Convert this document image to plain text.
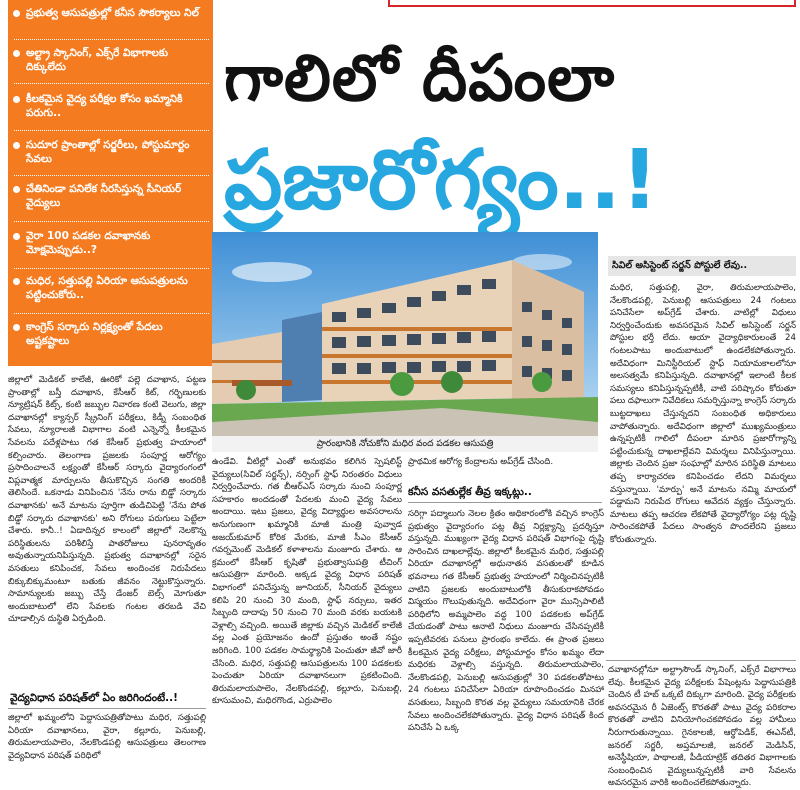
ప్రభుత్వ ఆసుపత్రుల్లో కనీస సౌకర్యాలు నిల్
అల్ట్రా స్కానింగ్, ఎక్స్‌రే విభాగాలకు దిక్కులేదు
కీలకమైన వైద్య పరీక్షల కోసం ఖమ్మానికి పరుగు..
సుదూర ప్రాంతాల్లో సర్జరీలు, పోస్టుమార్టం సేవలు
చేతినిండా పనిలేక నీరసిస్తున్న సీనియర్ వైద్యులు
వైరా 100 పడకల దవాఖానకు మోక్షమెప్పుడు..?
మధిర, సత్తుపల్లి ఏరియా ఆసుపత్రులను పట్టించుకోరు..
కాంగ్రెస్ సర్కారు నిర్లక్ష్యంతో పేదలు అష్టకష్టాలు
గాలిలో దీపంలా
ప్రజారోగ్యం..!
ప్రారంభానికి నోచుకోని మధిర వంద పడకల ఆసుపత్రి
సివిల్ అసిస్టెంట్ సర్జన్ పోస్టులే లేవు..
మధిర, సత్తుపల్లి, వైరా, తిరుమలాయపాలెం, నేలకొండపల్లి, పెనుబల్లి ఆసుపత్రులు 24 గంటలు పనిచేసేలా అప్‌గ్రేడ్ చేశారు. వాటిల్లో విధులు నిర్వర్తించేందుకు అవసరమైన సివిల్ అసిస్టెంట్ సర్జన్ పోస్టుల భర్తీ లేదు. ఆయా వైద్యాధికారులంతే 24 గంటలపాటు అందుబాటులో ఉండలేకపోతున్నారు. అదేవిధంగా మినిస్టీరియల్ స్టాఫ్ నియామకాలలోనూ అలసత్వమే కనిపిస్తున్నది. దవాఖానల్లో ఇలాంటి కీలక సమస్యలు కనిపిస్తున్నప్పటికీ, వాటి పరిష్కారం కోరుతూ పలు దఫాలుగా నివేదికలు సమర్పిస్తున్నా కాంగ్రెస్ సర్కారు బుట్టదాఖలు చేస్తున్నదని సంబంధిత అధికారులు వాపోతున్నారు. అదేవిధంగా జిల్లాలో ముఖ్యమంత్రులు ఉన్నప్పటికీ గాలిలో దీపంలా మారిన ప్రజారోగ్యాన్ని పట్టించుకున్న దాఖలాల్లేవని విమర్శలు వినిపిస్తున్నాయి. జిల్లాకు చెందిన ప్రజా సంఘాల్లో మారిన పరిస్థితి మాటలు తప్ప కార్యాచరణ కనిపించడం లేదని విమర్శలు వస్తున్నాయి. 'మార్పు' అనే మాటను నమ్మి మాయలో పడ్డామని నిరుపేద రోగులు ఆవేదన వ్యక్తం చేస్తున్నారు. మాటలు తప్ప ఆచరణ లేకపోతే వైద్యారోగ్యం పట్ల దృష్టి సారించకపోతే పేదలు సాంత్వన పొందలేరని ప్రజలు కోరుతున్నారు.
దవాఖానల్లోనూ అల్ట్రాసౌండ్ స్కానింగ్, ఎక్స్‌రే విభాగాలు లేవు. కీలకమైన వైద్య పరీక్షలకు పేషెంట్లను పెద్దాసుపత్రికి చెందిన టీ హబ్ ఒక్కటే దిక్కుగా మారింది. వైద్య పరీక్షలకు అవసరమైన రీ ఏజెంట్స్ కొరతతో పాటు వైద్య పరికరాల కొరతతో వాటిని వినియోగించకపోవడం వల్ల హామీలు నీరుగారుతున్నాయి. గైనకాలజీ, ఆర్థోపెడిక్, ఈఎన్‌టీ, జనరల్ సర్జరీ, అప్తమాలజీ, జనరల్ మెడిసిన్, అనెస్థీషియా, పాథాలజీ, పీడియాట్రిక్ తదితర విభాగాలకు సంబంధించిన వైద్యులున్నప్పటికీ వారి సేవలను అవసరమైన వారికి అందించలేకపోతున్నారు.
జిల్లాలో మెడికల్ కాలేజీ, ఊరికో పల్లె దవాఖాన, పట్టణ ప్రాంతాల్లో బస్తీ దవాఖాన, కేసీఆర్ కిట్, గర్భిణులకు న్యూట్రిషన్ కిట్స్, కంటి జబ్బుల నివారణ కంటి వెలుగు, జిల్లా దవాఖానల్లో క్యాన్సర్ స్క్రీనింగ్ పరీక్షలు, కిడ్నీ సంబంధిత సేవలు, న్యూరాలజీ విభాగాల వంటి ఎన్నెన్నో కీలకమైన సేవలను పదేళ్లపాటు గత కేసీఆర్ ప్రభుత్వ హయాంలో కల్పించారు. తెలంగాణ ప్రజలకు సంపూర్ణ ఆరోగ్యం ప్రసాదించాలనే లక్ష్యంతో కేసీఆర్ సర్కారు వైద్యారంగంలో విప్లవాత్మక మార్పులను తీసుకొచ్చిన సంగతి అందరికీ తెలిసిందే. ఒకనాడు వినిపించిన 'నేను రాను బిడ్డో సర్కారు దవాఖానకు' అనే మాటను పూర్తిగా తుడిచిపెట్టి 'నేను పోత బిడ్డో సర్కారు దవాఖానకు' అని రోగులు పరుగులు పెట్టేలా చేశారు. కానీ..! ఏడాదిన్నర కాలంలో జిల్లాలో నెలకొన్న పరిస్థితులను పరిశీలిస్తే పాతరోజులు పునరావృతం అవుతున్నాయనిపిస్తున్నది. ప్రభుత్వ దవాఖానల్లో సరైన వసతులు కనిపించక, సేవలు అందించక నిరుపేదలు బిక్కుబిక్కుమంటూ బతుకు జీవనం నెట్టుకొస్తున్నారు. సామాన్యులకు జబ్బు చేస్తే డేంజర్ బెల్స్ మోగుతూ అందుబాటులో లేని సేవలకు గంటల తరబడి వేచి చూడాల్సిన దుస్థితి ఏర్పడింది.
వైద్యవిధాన పరిషత్‌లో ఏం జరిగిందంటే..!
జిల్లాలో ఖమ్మంలోని పెద్దాసుపత్రితోపాటు మధిర, సత్తుపల్లి ఏరియా దవాఖానలు, వైరా, కల్లూరు, పెనుబల్లి, తిరుమలాయపాలెం, నేలకొండపల్లి ఆసుపత్రులు తెలంగాణ వైద్యవిధాన పరిషత్ పరిధిలో
ఉండేవి. వీటిల్లో ఎంతో అనుభవం కలిగిన స్పెషలిస్ట్ వైద్యులు(సివిల్ సర్జన్స్), నర్సింగ్ స్టాఫ్ నిరంతరం విధులు నిర్వర్తించేవారు. గత బీఆర్ఎస్ సర్కారు నుంచి సంపూర్ణ సహకారం అందడంతో పేదలకు మంచి వైద్య సేవలు అందాయి. ఇటు ప్రజలు, వైద్య విద్యార్థుల అవసరాలను అనుగుణంగా ఖమ్మానికి మాజీ మంత్రి పువ్వాడ అజయ్‌కుమార్ కోరిక మేరకు, మాజీ సీఎం కేసీఆర్ గవర్నమెంట్ మెడికల్ కళాశాలను మంజూరు చేశారు. ఆ క్రమంలో కేసీఆర్ కృషితో ప్రభుత్వాసుపత్రి టీచింగ్ ఆసుపత్రిగా మారింది. అక్కడ వైద్య విధాన పరిషత్ విభాగంలో పనిచేస్తున్న జూనియర్, సీనియర్ వైద్యులు కలిపి 20 నుంచి 30 మంది, స్టాఫ్ నర్సులు, ఇతర సిబ్బంది దాదాపు 50 నుంచి 70 మంది వరకు బయటకి వెళ్లాల్సి వచ్చింది. అయితే జిల్లాకు వచ్చిన మెడికల్ కాలేజీ వల్ల ఎంత ప్రయోజనం ఉందో ప్రస్తుతం అంతే నష్టం జరిగింది. 100 పడకల సామర్థ్యానికి పెంచుతూ జీవో జారీ చేసింది. మధిర, సత్తుపల్లి ఆసుపత్రులను 100 పడకలకు పెంచుతూ ఏరియా దవాఖానలుగా ప్రకటించింది. తిరుమలాయపాలెం, నేలకొండపల్లి, కల్లూరు, పెనుబల్లి, కూసుమంచి, మధిరగొండ, ఎర్రుపాలెం
ప్రాథమిక ఆరోగ్య కేంద్రాలను అప్‌గ్రేడ్ చేసింది.
కనీస వసతుల్లేక తీవ్ర ఇక్కట్లు..
సరిగ్గా పద్మాలుగు నెలల క్రితం అధికారంలోకి వచ్చిన కాంగ్రెస్ ప్రభుత్వం వైద్యారంగం పట్ల తీవ్ర నిర్లక్ష్యాన్ని ప్రదర్శిస్తూ వస్తున్నది. ముఖ్యంగా వైద్య విధాన పరిషత్ విభాగంపై దృష్టి సారించిన దాఖలాల్లేవు. జిల్లాలో కీలకమైన మధిర, సత్తుపల్లి ఏరియా దవాఖానల్లో అధునాతన వసతులతో కూడిన భవనాలు గత కేసీఆర్ ప్రభుత్వ హయాంలో నిర్మించినప్పటికీ వాటిని ప్రజలకు అందుబాటులోకి తీసుకురాకపోవడం విస్మయం గొలుపుతున్నది. అదేవిధంగా వైరా మున్సిపాలిటీ పరిధిలోని అమ్మపాలెం వద్ద 100 పడకలకు అప్‌గ్రేడ్ చేయడంతో పాటు ఆనాటి నిధులు మంజూరు చేసినప్పటికీ ఇప్పటివరకు పనులు ప్రారంభం కాలేదు. ఈ ప్రాంత ప్రజలు కీలకమైన వైద్య పరీక్షలు, పోస్టుమార్టం కోసం ఖమ్మం లేదా మధిరకు వెళ్లాల్సి వస్తున్నది. తిరుమలాయపాలెం, నేలకొండపల్లి, పెనుబల్లి ఆసుపత్రుల్లో 30 పడకలతోపాటు 24 గంటలు పనిచేసేలా ఏరియా రూపొందించడం మినహా వసతులు, సిబ్బంది కొరత వల్ల వైద్యులు సమయానికి చేరక సేవలు అందించలేకపోతున్నారు. వైద్య విధాన పరిషత్ కింద పనిచేసే ఏ ఒక్క
